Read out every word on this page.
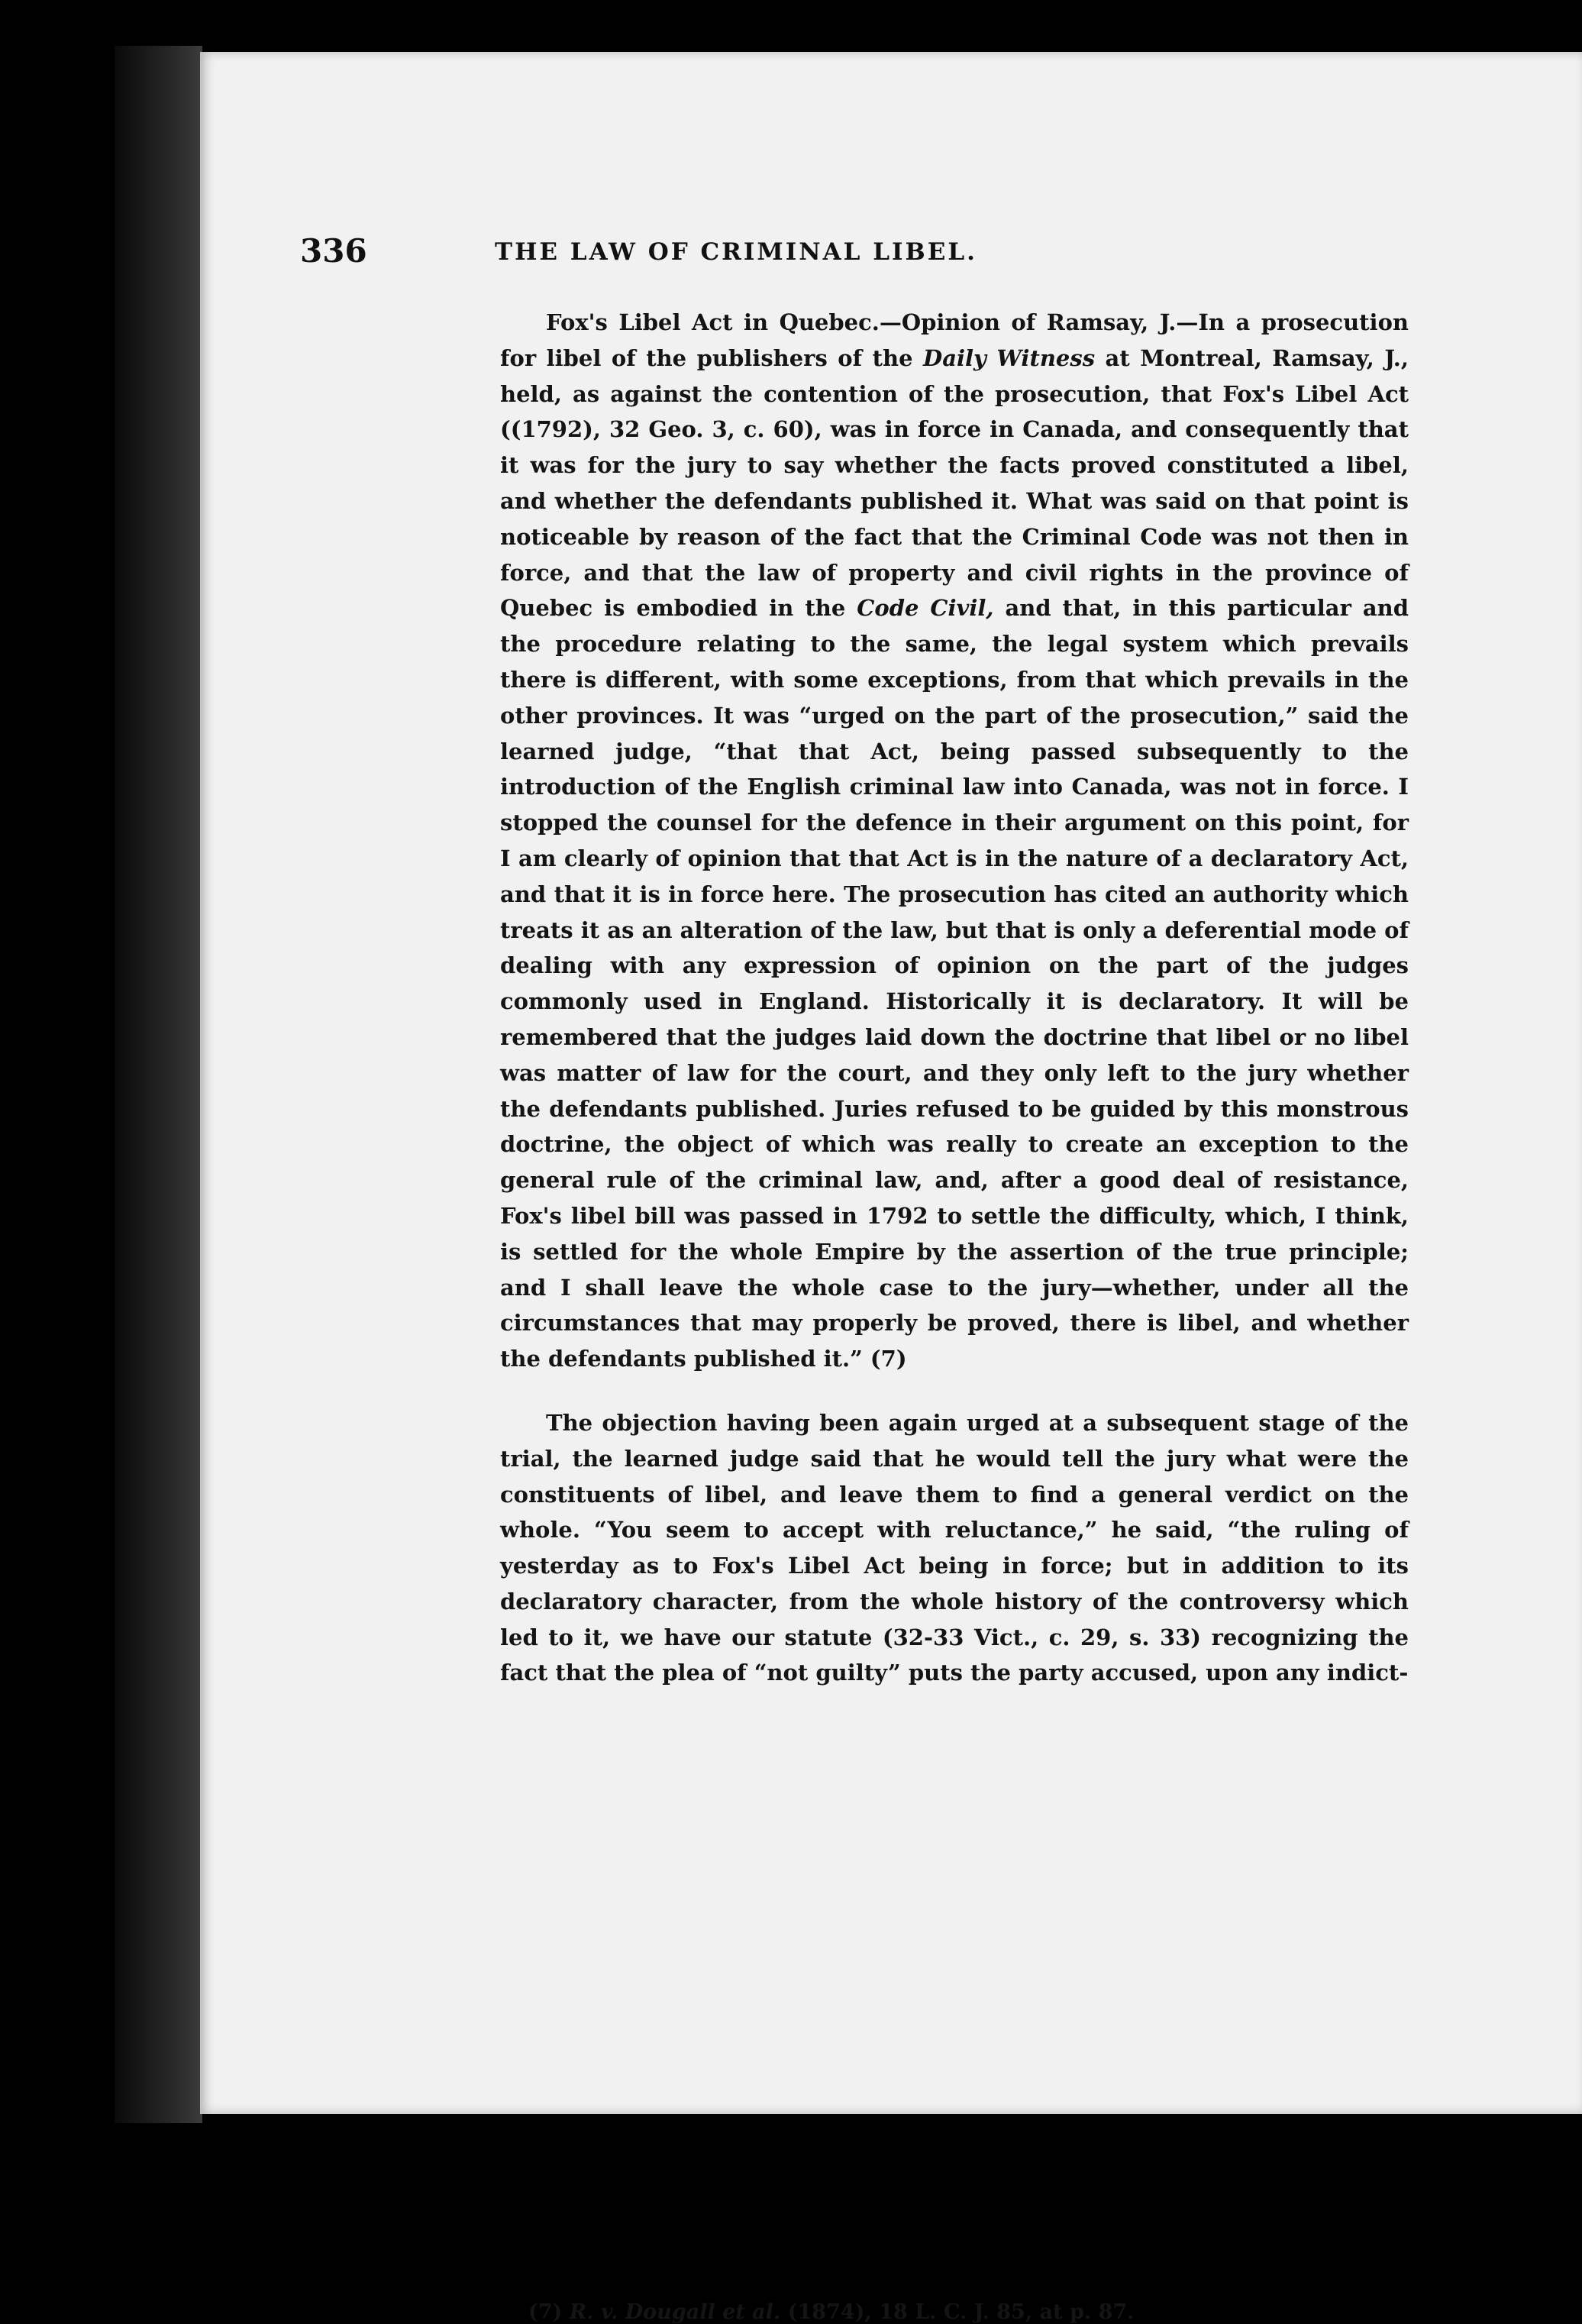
336	THE LAW OF CRIMINAL LIBEL.

Fox's Libel Act in Quebec.—Opinion of Ramsay, J.—In a prosecution for libel of the publishers of the Daily Witness at Montreal, Ramsay, J., held, as against the contention of the prosecution, that Fox's Libel Act ((1792), 32 Geo. 3, c. 60), was in force in Canada, and consequently that it was for the jury to say whether the facts proved constituted a libel, and whether the defendants published it. What was said on that point is noticeable by reason of the fact that the Criminal Code was not then in force, and that the law of property and civil rights in the province of Quebec is embodied in the Code Civil, and that, in this particular and the procedure relating to the same, the legal system which prevails there is different, with some exceptions, from that which prevails in the other provinces. It was “urged on the part of the prosecution,” said the learned judge, “that that Act, being passed subsequently to the introduction of the English criminal law into Canada, was not in force. I stopped the counsel for the defence in their argument on this point, for I am clearly of opinion that that Act is in the nature of a declaratory Act, and that it is in force here. The prosecution has cited an authority which treats it as an alteration of the law, but that is only a deferential mode of dealing with any expression of opinion on the part of the judges commonly used in England. Historically it is declaratory. It will be remembered that the judges laid down the doctrine that libel or no libel was matter of law for the court, and they only left to the jury whether the defendants published. Juries refused to be guided by this monstrous doctrine, the object of which was really to create an exception to the general rule of the criminal law, and, after a good deal of resistance, Fox's libel bill was passed in 1792 to settle the difficulty, which, I think, is settled for the whole Empire by the assertion of the true principle; and I shall leave the whole case to the jury—whether, under all the circumstances that may properly be proved, there is libel, and whether the defendants published it.” (7)

The objection having been again urged at a subsequent stage of the trial, the learned judge said that he would tell the jury what were the constituents of libel, and leave them to find a general verdict on the whole. “You seem to accept with reluctance,” he said, “the ruling of yesterday as to Fox's Libel Act being in force; but in addition to its declaratory character, from the whole history of the controversy which led to it, we have our statute (32-33 Vict., c. 29, s. 33) recognizing the fact that the plea of “not guilty” puts the party accused, upon any indict-

(7) R. v. Dougall et al. (1874), 18 L. C. J. 85, at p. 87.
